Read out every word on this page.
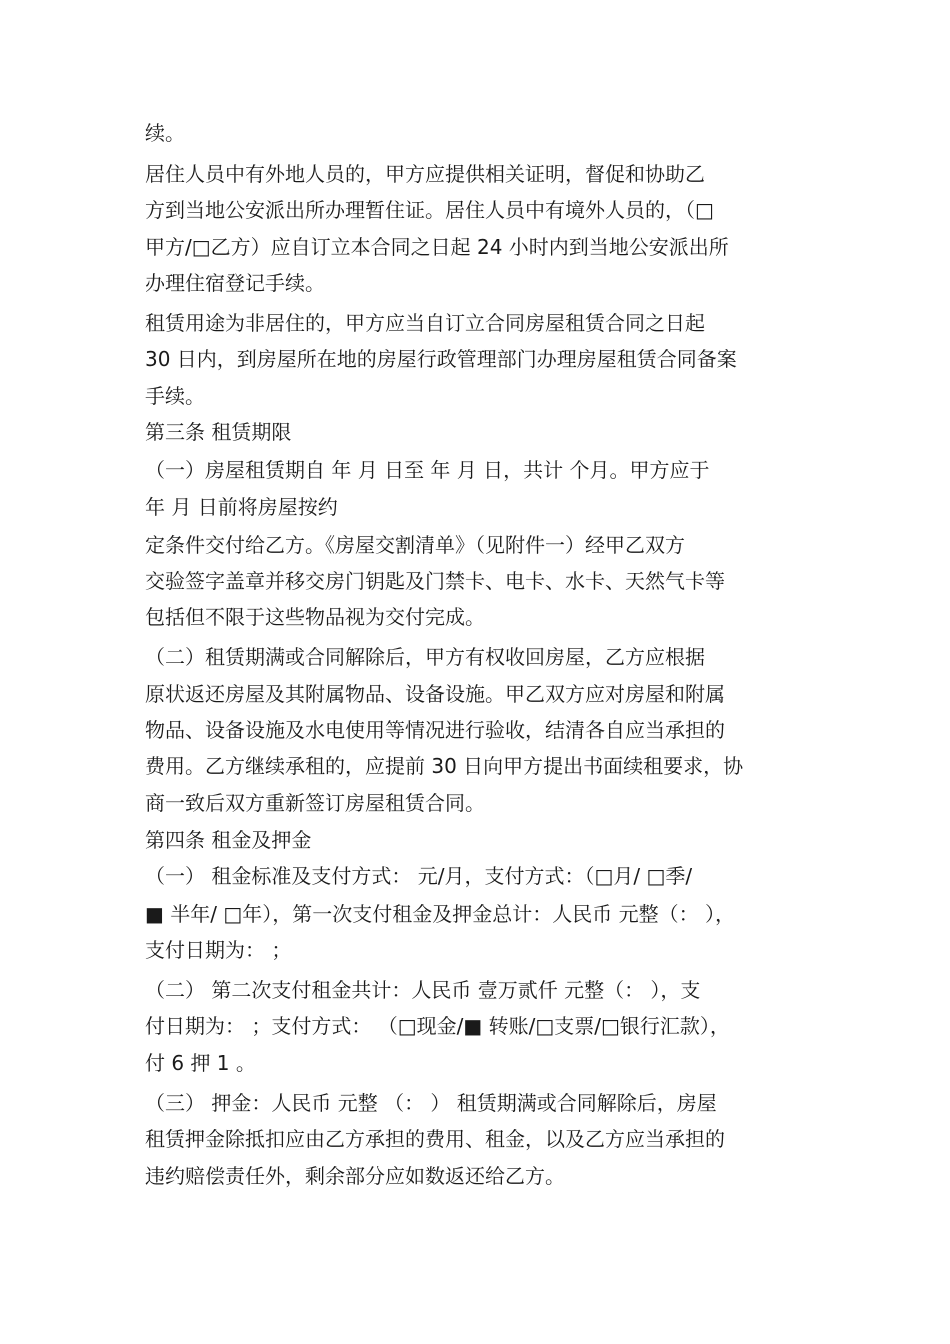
续。

居住人员中有外地人员的，甲方应提供相关证明，督促和协助乙

方到当地公安派出所办理暂住证。居住人员中有境外人员的，（□

甲方/□乙方）应自订立本合同之日起 24 小时内到当地公安派出所

办理住宿登记手续。

租赁用途为非居住的，甲方应当自订立合同房屋租赁合同之日起

30 日内，到房屋所在地的房屋行政管理部门办理房屋租赁合同备案

手续。

第三条 租赁期限

（一）房屋租赁期自 年 月 日至 年 月 日，共计 个月。甲方应于

年 月 日前将房屋按约

定条件交付给乙方。《房屋交割清单》（见附件一）经甲乙双方

交验签字盖章并移交房门钥匙及门禁卡、电卡、水卡、天然气卡等

包括但不限于这些物品视为交付完成。

（二）租赁期满或合同解除后，甲方有权收回房屋，乙方应根据

原状返还房屋及其附属物品、设备设施。甲乙双方应对房屋和附属

物品、设备设施及水电使用等情况进行验收，结清各自应当承担的

费用。乙方继续承租的，应提前 30 日向甲方提出书面续租要求，协

商一致后双方重新签订房屋租赁合同。

第四条 租金及押金

（一） 租金标准及支付方式： 元/月，支付方式：（□月/ □季/

■ 半年/ □年），第一次支付租金及押金总计：人民币 元整（： ），

支付日期为： ；

（二） 第二次支付租金共计：人民币 壹万贰仟 元整（： ），支

付日期为： ；支付方式： （□现金/■ 转账/□支票/□银行汇款），

付 6 押 1 。

（三） 押金：人民币 元整 （： ） 租赁期满或合同解除后，房屋

租赁押金除抵扣应由乙方承担的费用、租金，以及乙方应当承担的

违约赔偿责任外，剩余部分应如数返还给乙方。
